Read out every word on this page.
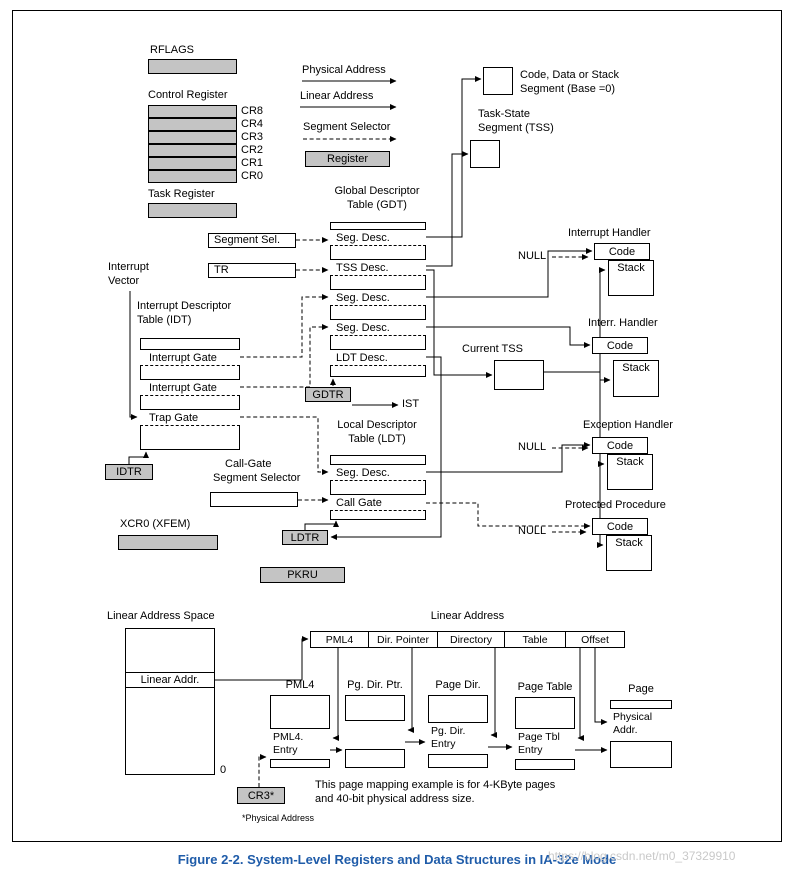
RFLAGS
Control Register
CR8
CR4
CR3
CR2
CR1
CR0
Task Register
Physical Address
Linear Address
Segment Selector
Register
Code, Data or Stack
Segment (Base =0)
Task-State
Segment (TSS)
Global Descriptor
Table (GDT)
Seg. Desc.
TSS Desc.
Seg. Desc.
Seg. Desc.
LDT Desc.
GDTR
IST
Segment Sel.
TR
Interrupt
Vector
Interrupt Descriptor
Table (IDT)
Interrupt Gate
Interrupt Gate
Trap Gate
IDTR
Local Descriptor
Table (LDT)
Seg. Desc.
Call Gate
LDTR
Call-Gate
Segment Selector
XCR0 (XFEM)
PKRU
Current TSS
Interrupt Handler
NULL	Code
Stack
Interr. Handler
Code
Stack
Exception Handler
NULL	Code
Stack
Protected Procedure
NULL	Code
Stack
Linear Address Space
Linear Addr.
0
Linear Address
PML4	Dir. Pointer	Directory	Table	Offset
PML4
PML4.
Entry
Pg. Dir. Ptr.	Page Dir.
Pg. Dir.
Entry
Page Table
Page Tbl
Entry
Page
Physical
Addr.
CR3*
*Physical Address
This page mapping example is for 4-KByte pages
and 40-bit physical address size.
Figure 2-2. System-Level Registers and Data Structures in IA-32e Mode
https://blog.csdn.net/m0_37329910
